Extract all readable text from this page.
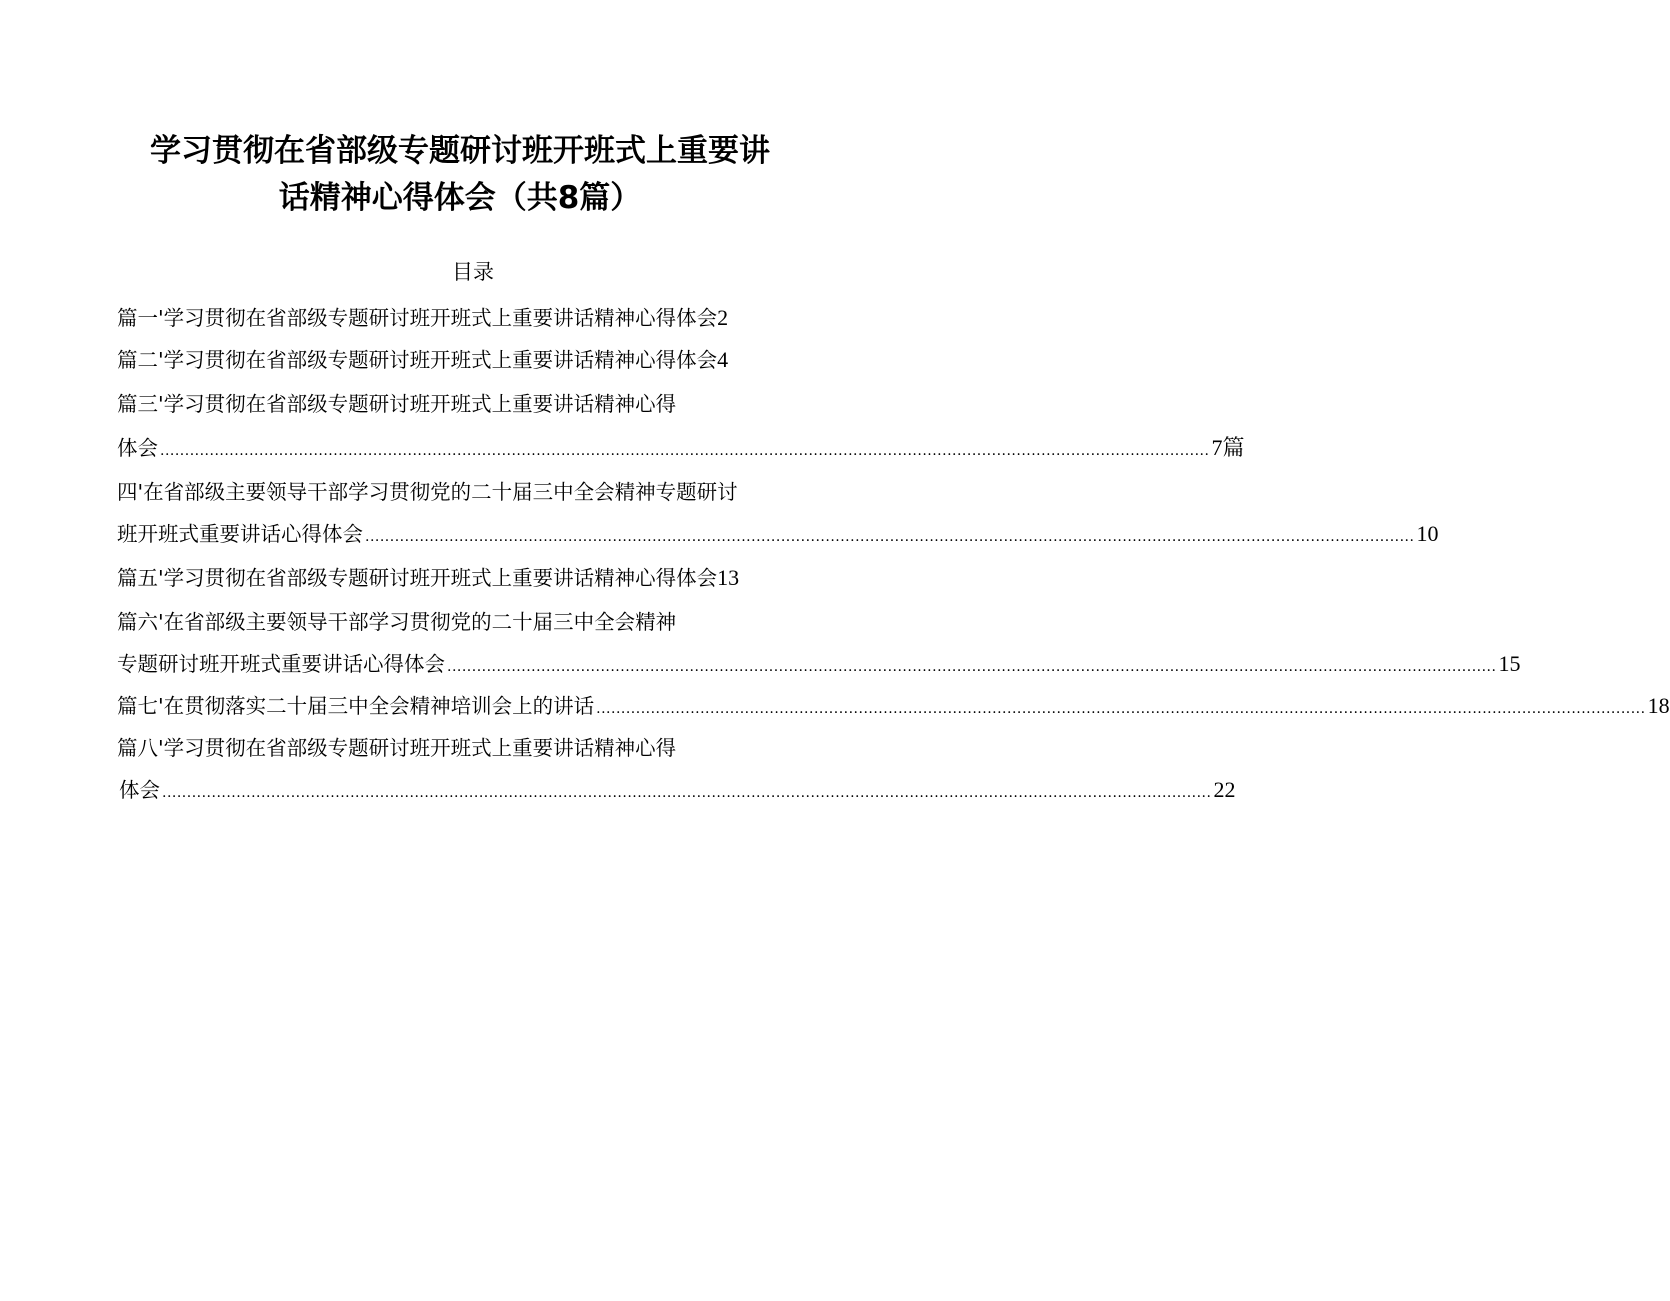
学习贯彻在省部级专题研讨班开班式上重要讲
话精神心得体会（共8篇）
目录
篇一'学习贯彻在省部级专题研讨班开班式上重要讲话精神心得体会 2
篇二'学习贯彻在省部级专题研讨班开班式上重要讲话精神心得体会 4
篇三'学习贯彻在省部级专题研讨班开班式上重要讲话精神心得
体会 .................................................................................................................................................................................................................... 7篇
四'在省部级主要领导干部学习贯彻党的二十届三中全会精神专题研讨
班开班式重要讲话心得体会 .................................................................................................................................................................................................................... 10
篇五'学习贯彻在省部级专题研讨班开班式上重要讲话精神心得体会 13
篇六'在省部级主要领导干部学习贯彻党的二十届三中全会精神
专题研讨班开班式重要讲话心得体会 .................................................................................................................................................................................................................... 15
篇七'在贯彻落实二十届三中全会精神培训会上的讲话 .................................................................................................................................................................................................................... 18
篇八'学习贯彻在省部级专题研讨班开班式上重要讲话精神心得
体会 .................................................................................................................................................................................................................... 22
